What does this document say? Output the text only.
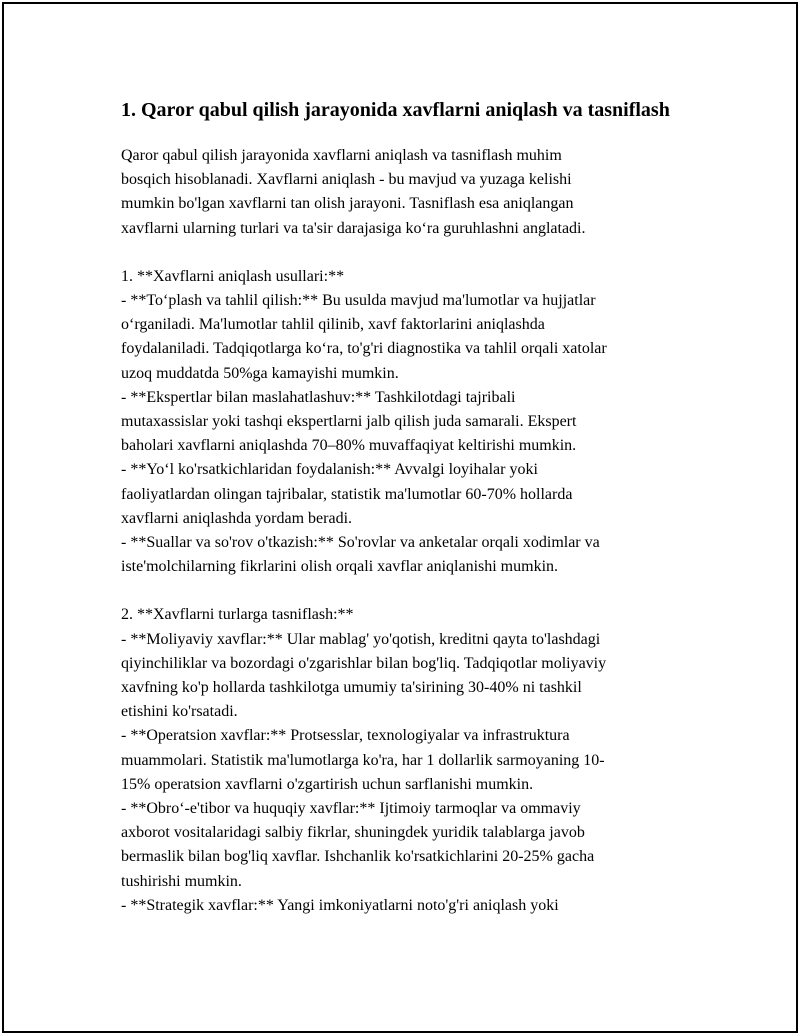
1. Qaror qabul qilish jarayonida xavflarni aniqlash va tasniflash

Qaror qabul qilish jarayonida xavflarni aniqlash va tasniflash muhim
bosqich hisoblanadi. Xavflarni aniqlash - bu mavjud va yuzaga kelishi
mumkin bo'lgan xavflarni tan olish jarayoni. Tasniflash esa aniqlangan
xavflarni ularning turlari va ta'sir darajasiga ko‘ra guruhlashni anglatadi.

1. **Xavflarni aniqlash usullari:**
- **To‘plash va tahlil qilish:** Bu usulda mavjud ma'lumotlar va hujjatlar
o‘rganiladi. Ma'lumotlar tahlil qilinib, xavf faktorlarini aniqlashda
foydalaniladi. Tadqiqotlarga ko‘ra, to'g'ri diagnostika va tahlil orqali xatolar
uzoq muddatda 50%ga kamayishi mumkin.
- **Ekspertlar bilan maslahatlashuv:** Tashkilotdagi tajribali
mutaxassislar yoki tashqi ekspertlarni jalb qilish juda samarali. Ekspert
baholari xavflarni aniqlashda 70–80% muvaffaqiyat keltirishi mumkin.
- **Yo‘l ko'rsatkichlaridan foydalanish:** Avvalgi loyihalar yoki
faoliyatlardan olingan tajribalar, statistik ma'lumotlar 60-70% hollarda
xavflarni aniqlashda yordam beradi.
- **Suallar va so'rov o'tkazish:** So'rovlar va anketalar orqali xodimlar va
iste'molchilarning fikrlarini olish orqali xavflar aniqlanishi mumkin.

2. **Xavflarni turlarga tasniflash:**
- **Moliyaviy xavflar:** Ular mablag' yo'qotish, kreditni qayta to'lashdagi
qiyinchiliklar va bozordagi o'zgarishlar bilan bog'liq. Tadqiqotlar moliyaviy
xavfning ko'p hollarda tashkilotga umumiy ta'sirining 30-40% ni tashkil
etishini ko'rsatadi.
- **Operatsion xavflar:** Protsesslar, texnologiyalar va infrastruktura
muammolari. Statistik ma'lumotlarga ko'ra, har 1 dollarlik sarmoyaning 10-
15% operatsion xavflarni o'zgartirish uchun sarflanishi mumkin.
- **Obro‘-e'tibor va huquqiy xavflar:** Ijtimoiy tarmoqlar va ommaviy
axborot vositalaridagi salbiy fikrlar, shuningdek yuridik talablarga javob
bermaslik bilan bog'liq xavflar. Ishchanlik ko'rsatkichlarini 20-25% gacha
tushirishi mumkin.
- **Strategik xavflar:** Yangi imkoniyatlarni noto'g'ri aniqlash yoki
